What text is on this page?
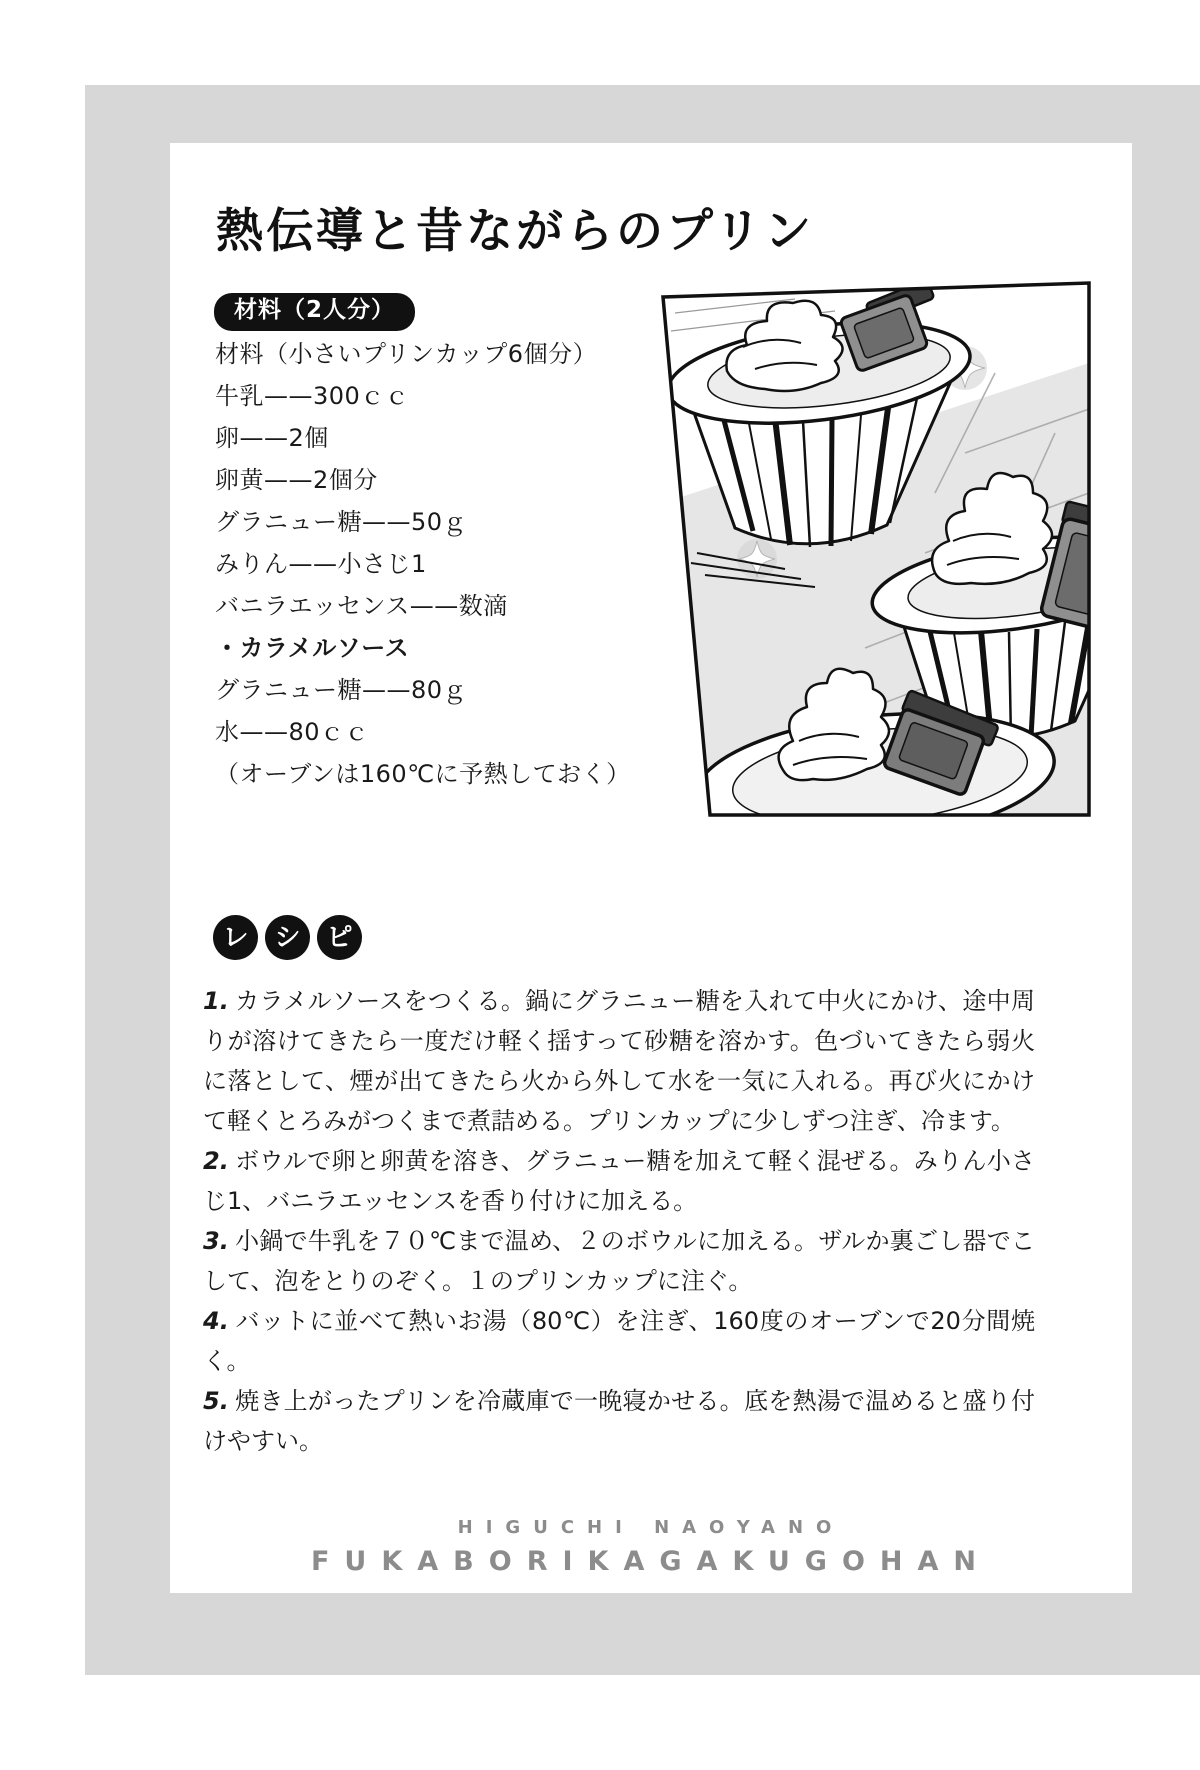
熱伝導と昔ながらのプリン
材料（2人分）
材料（小さいプリンカップ6個分）
牛乳——300ｃｃ
卵——2個
卵黄——2個分
グラニュー糖——50ｇ
みりん——小さじ1
バニラエッセンス——数滴
・カラメルソース
グラニュー糖——80ｇ
水——80ｃｃ
（オーブンは160℃に予熱しておく）
レ シ ピ

1. カラメルソースをつくる。鍋にグラニュー糖を入れて中火にかけ、途中周りが溶けてきたら一度だけ軽く揺すって砂糖を溶かす。色づいてきたら弱火に落として、煙が出てきたら火から外して水を一気に入れる。再び火にかけて軽くとろみがつくまで煮詰める。プリンカップに少しずつ注ぎ、冷ます。

2. ボウルで卵と卵黄を溶き、グラニュー糖を加えて軽く混ぜる。みりん小さじ1、バニラエッセンスを香り付けに加える。

3. 小鍋で牛乳を７０℃まで温め、２のボウルに加える。ザルか裏ごし器でこして、泡をとりのぞく。１のプリンカップに注ぐ。

4. バットに並べて熱いお湯（80℃）を注ぎ、160度のオーブンで20分間焼く。

5. 焼き上がったプリンを冷蔵庫で一晩寝かせる。底を熱湯で温めると盛り付けやすい。

HIGUCHI NAOYANO
FUKABORIKAGAKUGOHAN
